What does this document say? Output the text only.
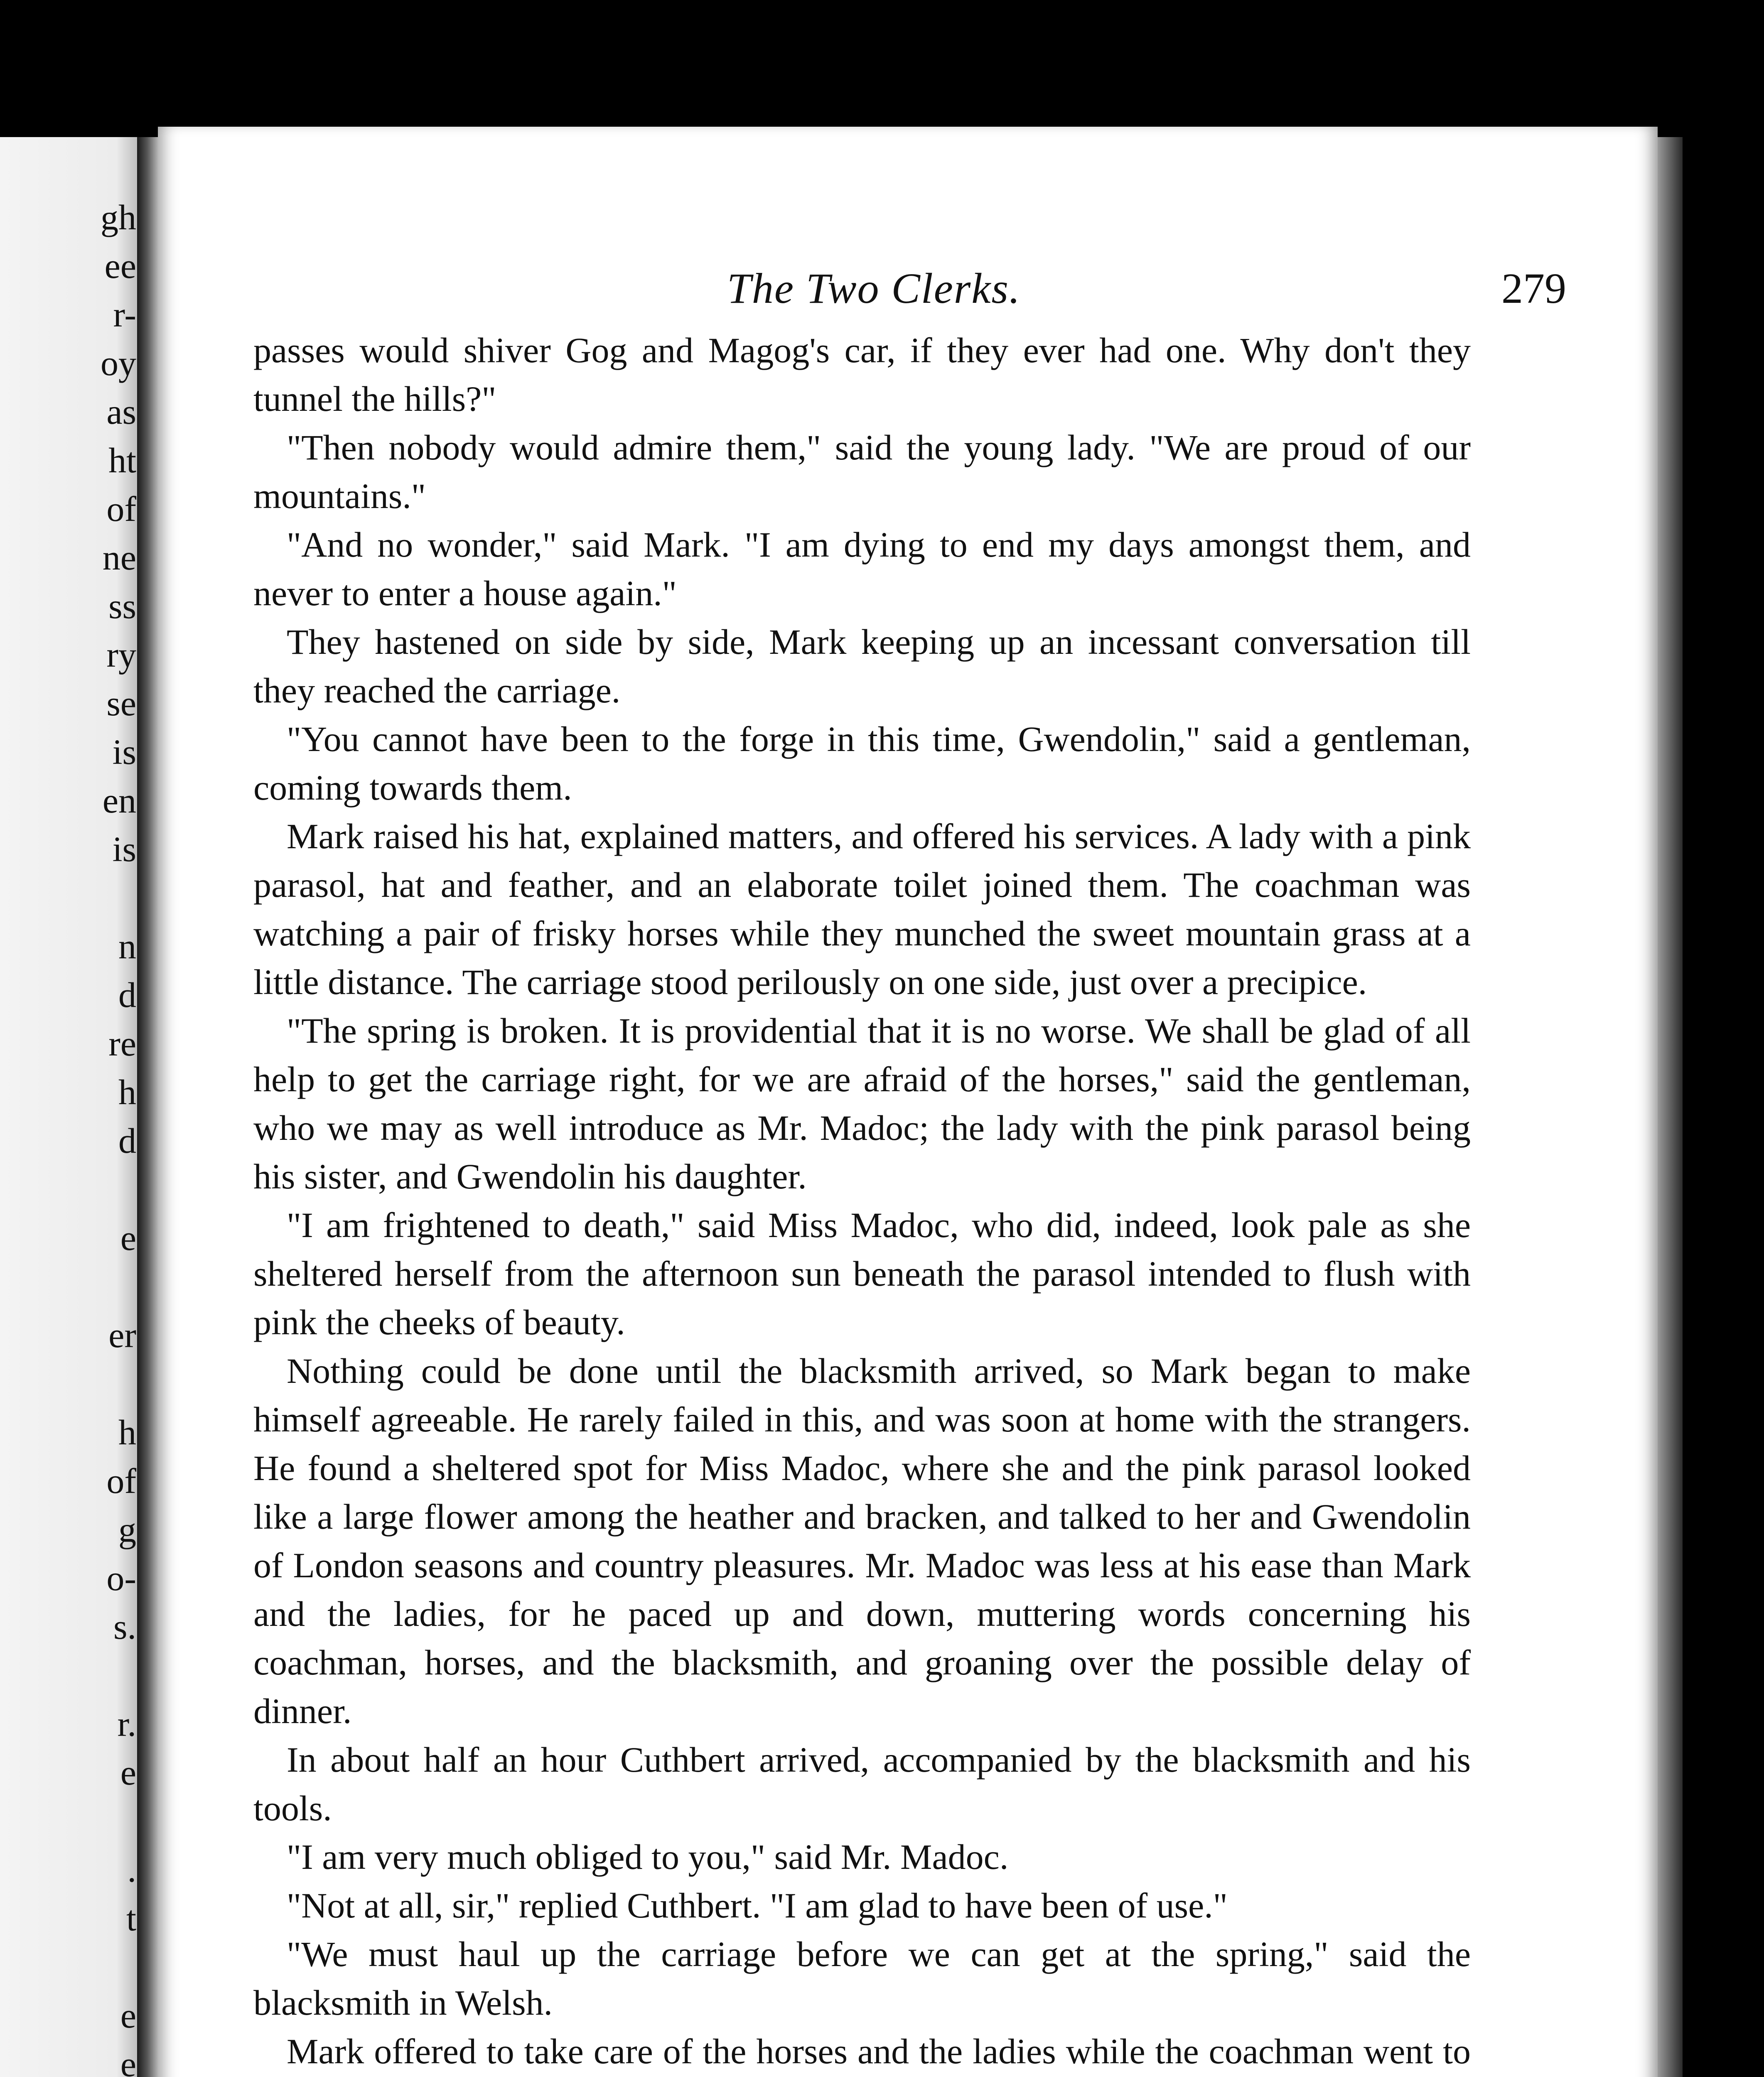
gh
ee
r-
oy
as
ht
of
ne
ss
ry
se
is
en
is
n
d
re
h
d
e
er
h
of
g
o-
s.
r.
e
.
t
e
e
The Two Clerks.	279

passes would shiver Gog and Magog's car, if they ever had one. Why don't they tunnel the hills?"

"Then nobody would admire them," said the young lady. "We are proud of our mountains."

"And no wonder," said Mark. "I am dying to end my days amongst them, and never to enter a house again."

They hastened on side by side, Mark keeping up an incessant conversation till they reached the carriage.

"You cannot have been to the forge in this time, Gwendolin," said a gentleman, coming towards them.

Mark raised his hat, explained matters, and offered his services. A lady with a pink parasol, hat and feather, and an elaborate toilet joined them. The coachman was watching a pair of frisky horses while they munched the sweet mountain grass at a little distance. The carriage stood perilously on one side, just over a precipice.

"The spring is broken. It is providential that it is no worse. We shall be glad of all help to get the carriage right, for we are afraid of the horses," said the gentleman, who we may as well introduce as Mr. Madoc; the lady with the pink parasol being his sister, and Gwendolin his daughter.

"I am frightened to death," said Miss Madoc, who did, indeed, look pale as she sheltered herself from the afternoon sun beneath the parasol intended to flush with pink the cheeks of beauty.

Nothing could be done until the blacksmith arrived, so Mark began to make himself agreeable. He rarely failed in this, and was soon at home with the strangers. He found a sheltered spot for Miss Madoc, where she and the pink parasol looked like a large flower among the heather and bracken, and talked to her and Gwendolin of London seasons and country pleasures. Mr. Madoc was less at his ease than Mark and the ladies, for he paced up and down, muttering words concerning his coachman, horses, and the blacksmith, and groaning over the possible delay of dinner.

In about half an hour Cuthbert arrived, accompanied by the blacksmith and his tools.

"I am very much obliged to you," said Mr. Madoc.

"Not at all, sir," replied Cuthbert. "I am glad to have been of use."

"We must haul up the carriage before we can get at the spring," said the blacksmith in Welsh.

Mark offered to take care of the horses and the ladies while the coachman went to
